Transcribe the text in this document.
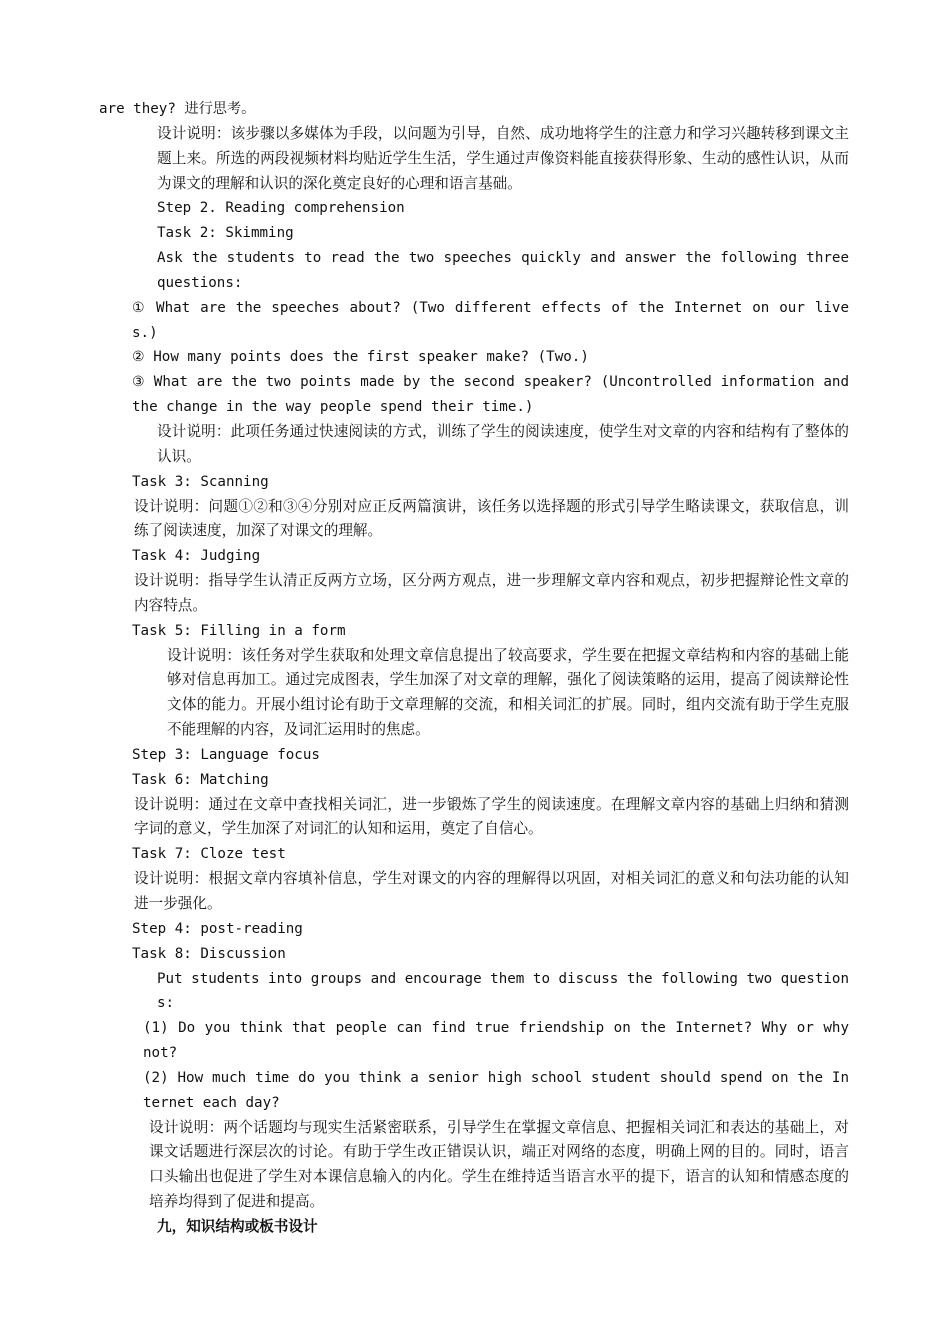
are they? 进行思考。

设计说明：该步骤以多媒体为手段，以问题为引导，自然、成功地将学生的注意力和学习兴趣转移到课文主题上来。所选的两段视频材料均贴近学生生活，学生通过声像资料能直接获得形象、生动的感性认识，从而为课文的理解和认识的深化奠定良好的心理和语言基础。

Step 2. Reading comprehension

Task 2: Skimming

Ask the students to read the two speeches quickly and answer the following three questions:

① What are the speeches about? (Two different effects of the Internet on our lives.)

② How many points does the first speaker make? (Two.)

③ What are the two points made by the second speaker? (Uncontrolled information and the change in the way people spend their time.)

设计说明：此项任务通过快速阅读的方式，训练了学生的阅读速度，使学生对文章的内容和结构有了整体的认识。

Task 3: Scanning

设计说明：问题①②和③④分别对应正反两篇演讲，该任务以选择题的形式引导学生略读课文，获取信息，训练了阅读速度，加深了对课文的理解。

Task 4: Judging

设计说明：指导学生认清正反两方立场，区分两方观点，进一步理解文章内容和观点，初步把握辩论性文章的内容特点。

Task 5: Filling in a form

设计说明：该任务对学生获取和处理文章信息提出了较高要求，学生要在把握文章结构和内容的基础上能够对信息再加工。通过完成图表，学生加深了对文章的理解，强化了阅读策略的运用，提高了阅读辩论性文体的能力。开展小组讨论有助于文章理解的交流，和相关词汇的扩展。同时，组内交流有助于学生克服不能理解的内容，及词汇运用时的焦虑。

Step 3: Language focus

Task 6: Matching

设计说明：通过在文章中查找相关词汇，进一步锻炼了学生的阅读速度。在理解文章内容的基础上归纳和猜测字词的意义，学生加深了对词汇的认知和运用，奠定了自信心。

Task 7: Cloze test

设计说明：根据文章内容填补信息，学生对课文的内容的理解得以巩固，对相关词汇的意义和句法功能的认知进一步强化。

Step 4: post-reading

Task 8: Discussion

Put students into groups and encourage them to discuss the following two questions:

(1) Do you think that people can find true friendship on the Internet? Why or why not?

(2) How much time do you think a senior high school student should spend on the Internet each day?

设计说明：两个话题均与现实生活紧密联系，引导学生在掌握文章信息、把握相关词汇和表达的基础上，对课文话题进行深层次的讨论。有助于学生改正错误认识，端正对网络的态度，明确上网的目的。同时，语言口头输出也促进了学生对本课信息输入的内化。学生在维持适当语言水平的提下，语言的认知和情感态度的培养均得到了促进和提高。

九，知识结构或板书设计
